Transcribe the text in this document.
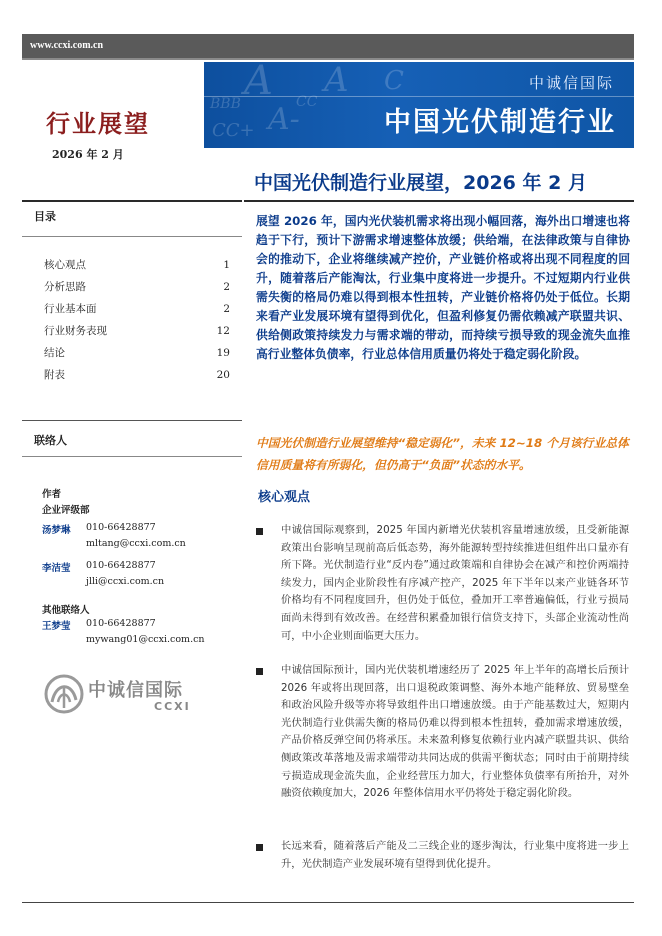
www.ccxi.com.cn
A A C
BBB A-
CC+
CC
中诚信国际
中国光伏制造行业
行业展望
2026 年 2 月
中国光伏制造行业展望，2026 年 2 月
目录
核心观点	1
分析思路	2
行业基本面	2
行业财务表现	12
结论	19
附表	20
联络人
作者
企业评级部
汤梦琳	010-66428877
mltang@ccxi.com.cn
李洁莹	010-66428877
jlli@ccxi.com.cn
其他联络人
王梦莹	010-66428877
mywang01@ccxi.com.cn
中诚信国际
CCXI
展望 2026 年，国内光伏装机需求将出现小幅回落，海外出口增速也将趋于下行，预计下游需求增速整体放缓；供给端，在法律政策与自律协会的推动下，企业将继续减产控价，产业链价格或将出现不同程度的回升，随着落后产能淘汰，行业集中度将进一步提升。不过短期内行业供需失衡的格局仍难以得到根本性扭转，产业链价格将仍处于低位。长期来看产业发展环境有望得到优化，但盈利修复仍需依赖减产联盟共识、供给侧政策持续发力与需求端的带动，而持续亏损导致的现金流失血推高行业整体负债率，行业总体信用质量仍将处于稳定弱化阶段。
中国光伏制造行业展望维持“稳定弱化”，未来 12~18 个月该行业总体信用质量将有所弱化，但仍高于“负面”状态的水平。
核心观点
中诚信国际观察到，2025 年国内新增光伏装机容量增速放缓，且受新能源政策出台影响呈现前高后低态势，海外能源转型持续推进但组件出口量亦有所下降。光伏制造行业“反内卷”通过政策端和自律协会在减产和控价两端持续发力，国内企业阶段性有序减产控产，2025 年下半年以来产业链各环节价格均有不同程度回升，但仍处于低位，叠加开工率普遍偏低，行业亏损局面尚未得到有效改善。在经营积累叠加银行信贷支持下，头部企业流动性尚可，中小企业则面临更大压力。
中诚信国际预计，国内光伏装机增速经历了 2025 年上半年的高增长后预计 2026 年或将出现回落，出口退税政策调整、海外本地产能释放、贸易壁垒和政治风险升级等亦将导致组件出口增速放缓。由于产能基数过大，短期内光伏制造行业供需失衡的格局仍难以得到根本性扭转，叠加需求增速放缓，产品价格反弹空间仍将承压。未来盈利修复依赖行业内减产联盟共识、供给侧政策改革落地及需求端带动共同达成的供需平衡状态；同时由于前期持续亏损造成现金流失血，企业经营压力加大，行业整体负债率有所抬升，对外融资依赖度加大，2026 年整体信用水平仍将处于稳定弱化阶段。
长远来看，随着落后产能及二三线企业的逐步淘汰，行业集中度将进一步上升，光伏制造产业发展环境有望得到优化提升。
